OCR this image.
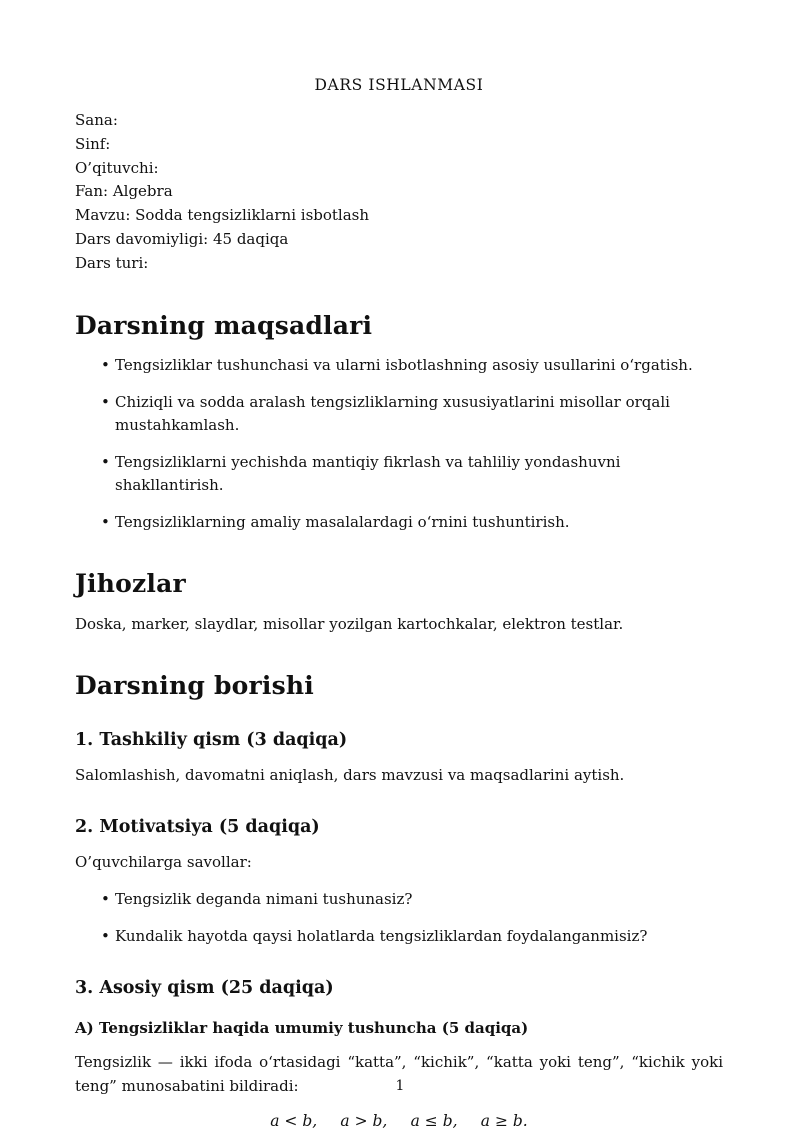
DARS ISHLANMASI
Sana:
Sinf:
O’qituvchi:
Fan: Algebra
Mavzu: Sodda tengsizliklarni isbotlash
Dars davomiyligi: 45 daqiqa
Dars turi:
Darsning maqsadlari
• Tengsizliklar tushunchasi va ularni isbotlashning asosiy usullarini oʻrgatish.
• Chiziqli va sodda aralash tengsizliklarning xususiyatlarini misollar orqali mustahkamlash.
• Tengsizliklarni yechishda mantiqiy fikrlash va tahliliy yondashuvni shakllantirish.
• Tengsizliklarning amaliy masalalardagi oʻrnini tushuntirish.
Jihozlar

Doska, marker, slaydlar, misollar yozilgan kartochkalar, elektron testlar.

Darsning borishi
1. Tashkiliy qism (3 daqiqa)

Salomlashish, davomatni aniqlash, dars mavzusi va maqsadlarini aytish.

2. Motivatsiya (5 daqiqa)

O’quvchilarga savollar:

• Tengsizlik deganda nimani tushunasiz?
• Kundalik hayotda qaysi holatlarda tengsizliklardan foydalanganmisiz?
3. Asosiy qism (25 daqiqa)
A) Tengsizliklar haqida umumiy tushuncha (5 daqiqa)

Tengsizlik — ikki ifoda oʻrtasidagi “katta”, “kichik”, “katta yoki teng”, “kichik yoki teng” munosabatini bildiradi:

a < b,  a > b,  a ≤ b,  a ≥ b.
1
